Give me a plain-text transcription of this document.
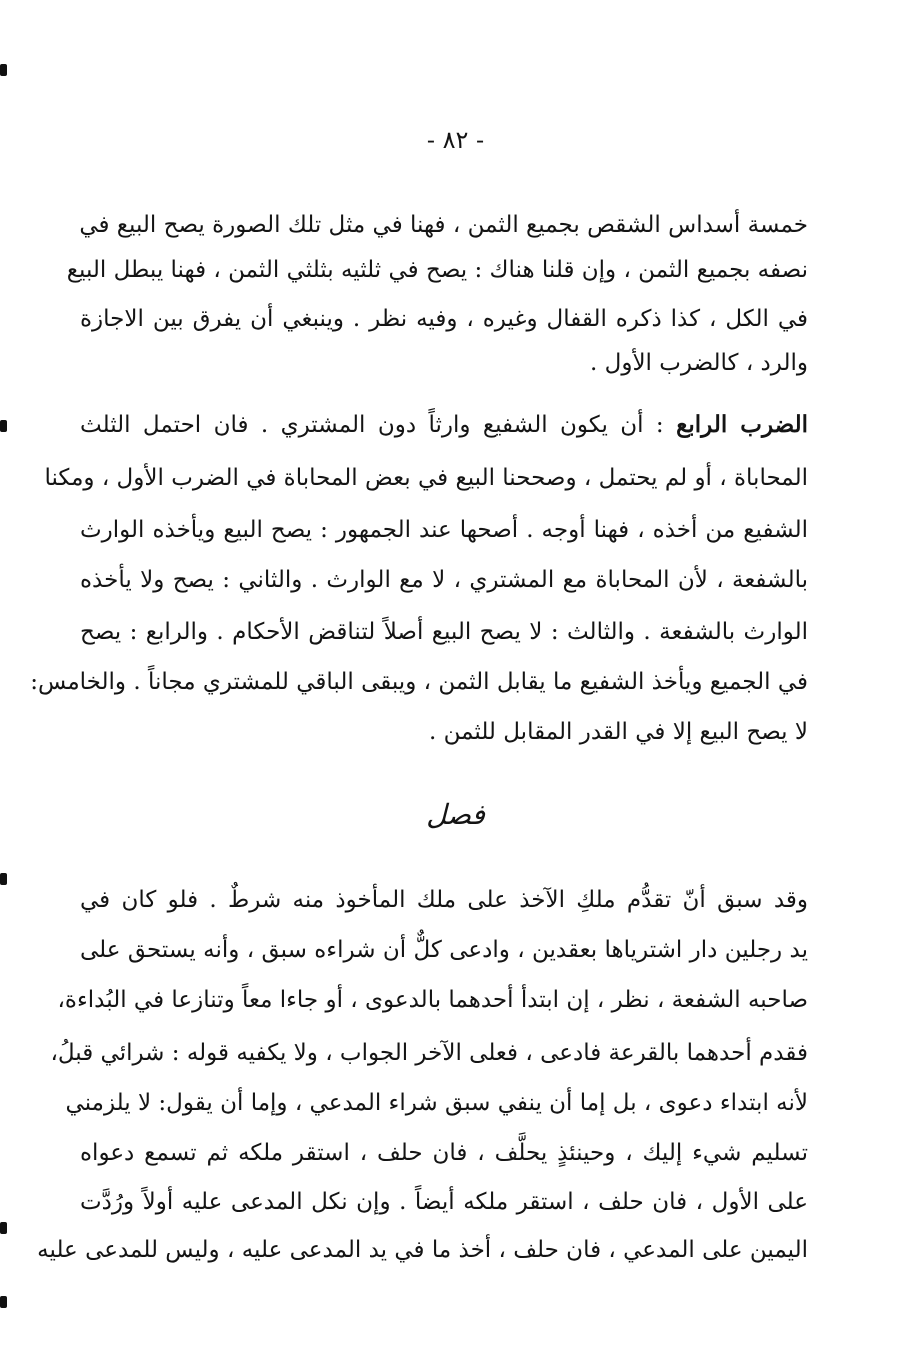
- ٨٢ -
خمسة أسداس الشقص بجميع الثمن ، فهنا في مثل تلك الصورة يصح البيع في
نصفه بجميع الثمن ، وإن قلنا هناك : يصح في ثلثيه بثلثي الثمن ، فهنا يبطل البيع
في الكل ، كذا ذكره القفال وغيره ، وفيه نظر . وينبغي أن يفرق بين الاجازة
والرد ، كالضرب الأول .
الضرب الرابع : أن يكون الشفيع وارثاً دون المشتري . فان احتمل الثلث
المحاباة ، أو لم يحتمل ، وصححنا البيع في بعض المحاباة في الضرب الأول ، ومكنا
الشفيع من أخذه ، فهنا أوجه . أصحها عند الجمهور : يصح البيع ويأخذه الوارث
بالشفعة ، لأن المحاباة مع المشتري ، لا مع الوارث . والثاني : يصح ولا يأخذه
الوارث بالشفعة . والثالث : لا يصح البيع أصلاً لتناقض الأحكام . والرابع : يصح
في الجميع ويأخذ الشفيع ما يقابل الثمن ، ويبقى الباقي للمشتري مجاناً . والخامس:
لا يصح البيع إلا في القدر المقابل للثمن .
فصل
وقد سبق أنّ تقدُّم ملكِ الآخذ على ملك المأخوذ منه شرطٌ . فلو كان في
يد رجلين دار اشترياها بعقدين ، وادعى كلٌّ أن شراءه سبق ، وأنه يستحق على
صاحبه الشفعة ، نظر ، إن ابتدأ أحدهما بالدعوى ، أو جاءا معاً وتنازعا في البُداءة،
فقدم أحدهما بالقرعة فادعى ، فعلى الآخر الجواب ، ولا يكفيه قوله : شرائي قبلُ،
لأنه ابتداء دعوى ، بل إما أن ينفي سبق شراء المدعي ، وإما أن يقول: لا يلزمني
تسليم شيء إليك ، وحينئذٍ يحلَّف ، فان حلف ، استقر ملكه ثم تسمع دعواه
على الأول ، فان حلف ، استقر ملكه أيضاً . وإن نكل المدعى عليه أولاً ورُدَّت
اليمين على المدعي ، فان حلف ، أخذ ما في يد المدعى عليه ، وليس للمدعى عليه
